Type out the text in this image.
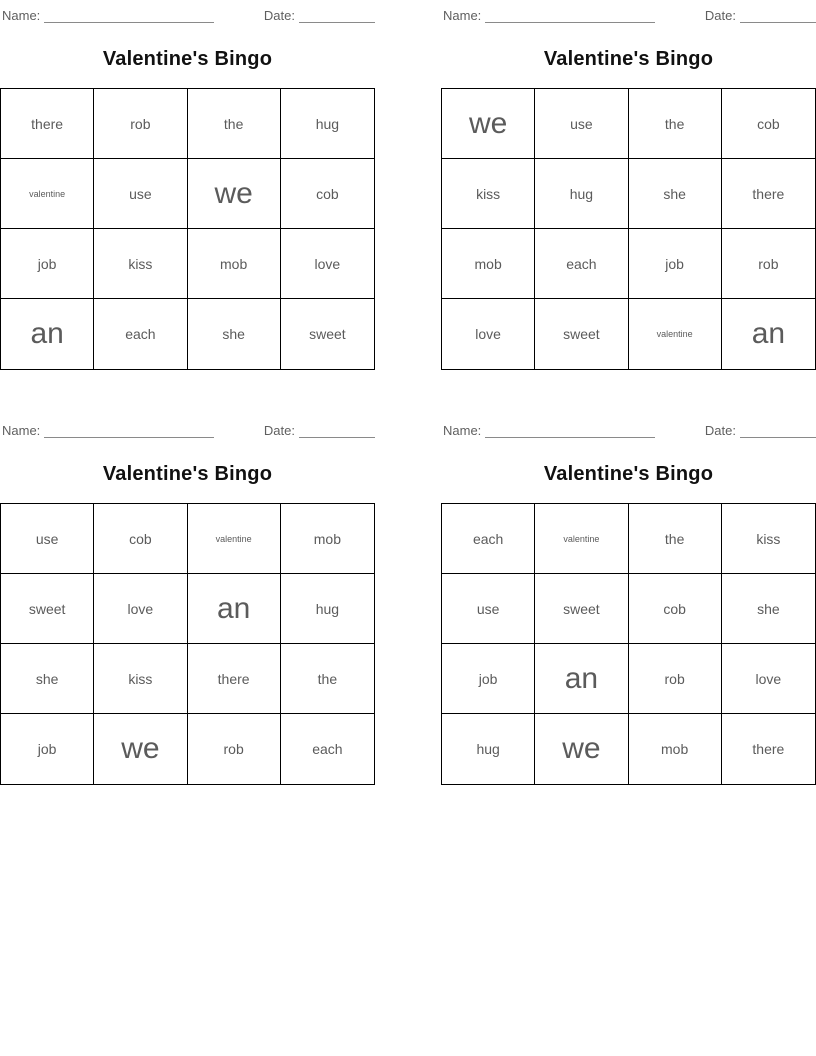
Name:	Date:
Valentine's Bingo
there	rob	the	hug
valentine	use	we	cob
job	kiss	mob	love
an	each	she	sweet
Name:	Date:
Valentine's Bingo
we	use	the	cob
kiss	hug	she	there
mob	each	job	rob
love	sweet	valentine	an
Name:	Date:
Valentine's Bingo
use	cob	valentine	mob
sweet	love	an	hug
she	kiss	there	the
job	we	rob	each
Name:	Date:
Valentine's Bingo
each	valentine	the	kiss
use	sweet	cob	she
job	an	rob	love
hug	we	mob	there
